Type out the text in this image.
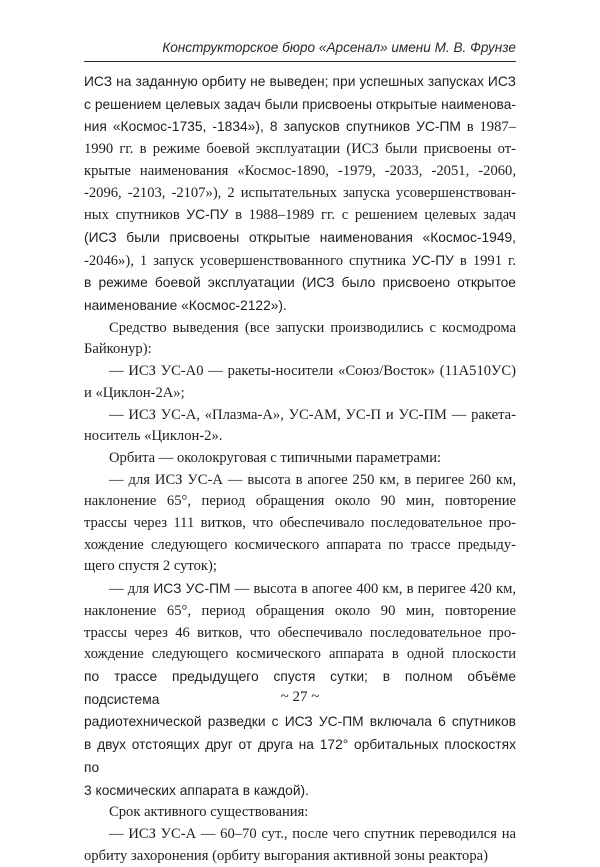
Конструкторское бюро «Арсенал» имени М. В. Фрунзе

ИСЗ на заданную орбиту не выведен; при успешных запусках ИСЗ
с решением целевых задач были присвоены открытые наименова-
ния «Космос-1735, -1834»), 8 запусков спутников УС-ПМ в 1987–
1990 гг. в режиме боевой эксплуатации (ИСЗ были присвоены от-
крытые наименования «Космос-1890, -1979, -2033, -2051, -2060,
-2096, -2103, -2107»), 2 испытательных запуска усовершенствован-
ных спутников УС-ПУ в 1988–1989 гг. с решением целевых задач
(ИСЗ были присвоены открытые наименования «Космос-1949,
-2046»), 1 запуск усовершенствованного спутника УС-ПУ в 1991 г.
в режиме боевой эксплуатации (ИСЗ было присвоено открытое
наименование «Космос-2122»).

Средство выведения (все запуски производились с космодрома
Байконур):

— ИСЗ УС-А0 — ракеты-носители «Союз/Восток» (11А510УС)
и «Циклон-2А»;

— ИСЗ УС-А, «Плазма-А», УС-АМ, УС-П и УС-ПМ — ракета-
носитель «Циклон-2».

Орбита — околокруговая с типичными параметрами:

— для ИСЗ УС-А — высота в апогее 250 км, в перигее 260 км,
наклонение 65°, период обращения около 90 мин, повторение
трассы через 111 витков, что обеспечивало последовательное про-
хождение следующего космического аппарата по трассе предыду-
щего спустя 2 суток);

— для ИСЗ УС-ПМ — высота в апогее 400 км, в перигее 420 км,
наклонение 65°, период обращения около 90 мин, повторение
трассы через 46 витков, что обеспечивало последовательное про-
хождение следующего космического аппарата в одной плоскости
по трассе предыдущего спустя сутки; в полном объёме подсистема
радиотехнической разведки с ИСЗ УС-ПМ включала 6 спутников
в двух отстоящих друг от друга на 172° орбитальных плоскостях по
3 космических аппарата в каждой).

Срок активного существования:

— ИСЗ УС-А — 60–70 сут., после чего спутник переводился на
орбиту захоронения (орбиту выгорания активной зоны реактора)

~ 27 ~
